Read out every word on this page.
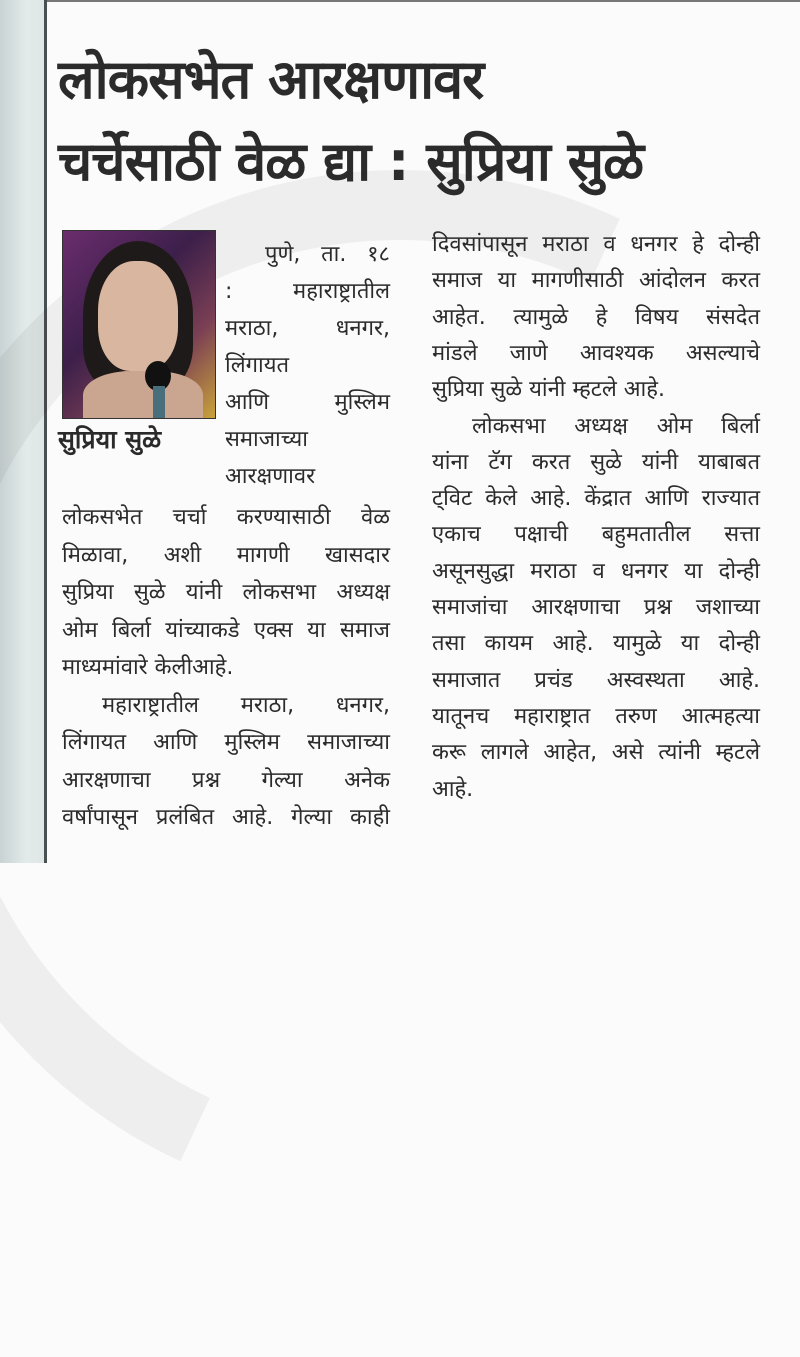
लोकसभेत आरक्षणावर
चर्चेसाठी वेळ द्या : सुप्रिया सुळे
सुप्रिया सुळे
पुणे, ता. १८
: महाराष्ट्रातील
मराठा, धनगर,
लिंगायत
आणि मुस्लिम
समाजाच्या
आरक्षणावर
लोकसभेत चर्चा करण्यासाठी वेळ
मिळावा, अशी मागणी खासदार
सुप्रिया सुळे यांनी लोकसभा अध्यक्ष
ओम बिर्ला यांच्याकडे एक्स या समाज
माध्यमांवारे केलीआहे.
महाराष्ट्रातील मराठा, धनगर,
लिंगायत आणि मुस्लिम समाजाच्या
आरक्षणाचा प्रश्न गेल्या अनेक
वर्षांपासून प्रलंबित आहे. गेल्या काही
दिवसांपासून मराठा व धनगर हे दोन्ही
समाज या मागणीसाठी आंदोलन करत
आहेत. त्यामुळे हे विषय संसदेत
मांडले जाणे आवश्यक असल्याचे
सुप्रिया सुळे यांनी म्हटले आहे.
लोकसभा अध्यक्ष ओम बिर्ला
यांना टॅग करत सुळे यांनी याबाबत
ट्विट केले आहे. केंद्रात आणि राज्यात
एकाच पक्षाची बहुमतातील सत्ता
असूनसुद्धा मराठा व धनगर या दोन्ही
समाजांचा आरक्षणाचा प्रश्न जशाच्या
तसा कायम आहे. यामुळे या दोन्ही
समाजात प्रचंड अस्वस्थता आहे.
यातूनच महाराष्ट्रात तरुण आत्महत्या
करू लागले आहेत, असे त्यांनी म्हटले
आहे.
